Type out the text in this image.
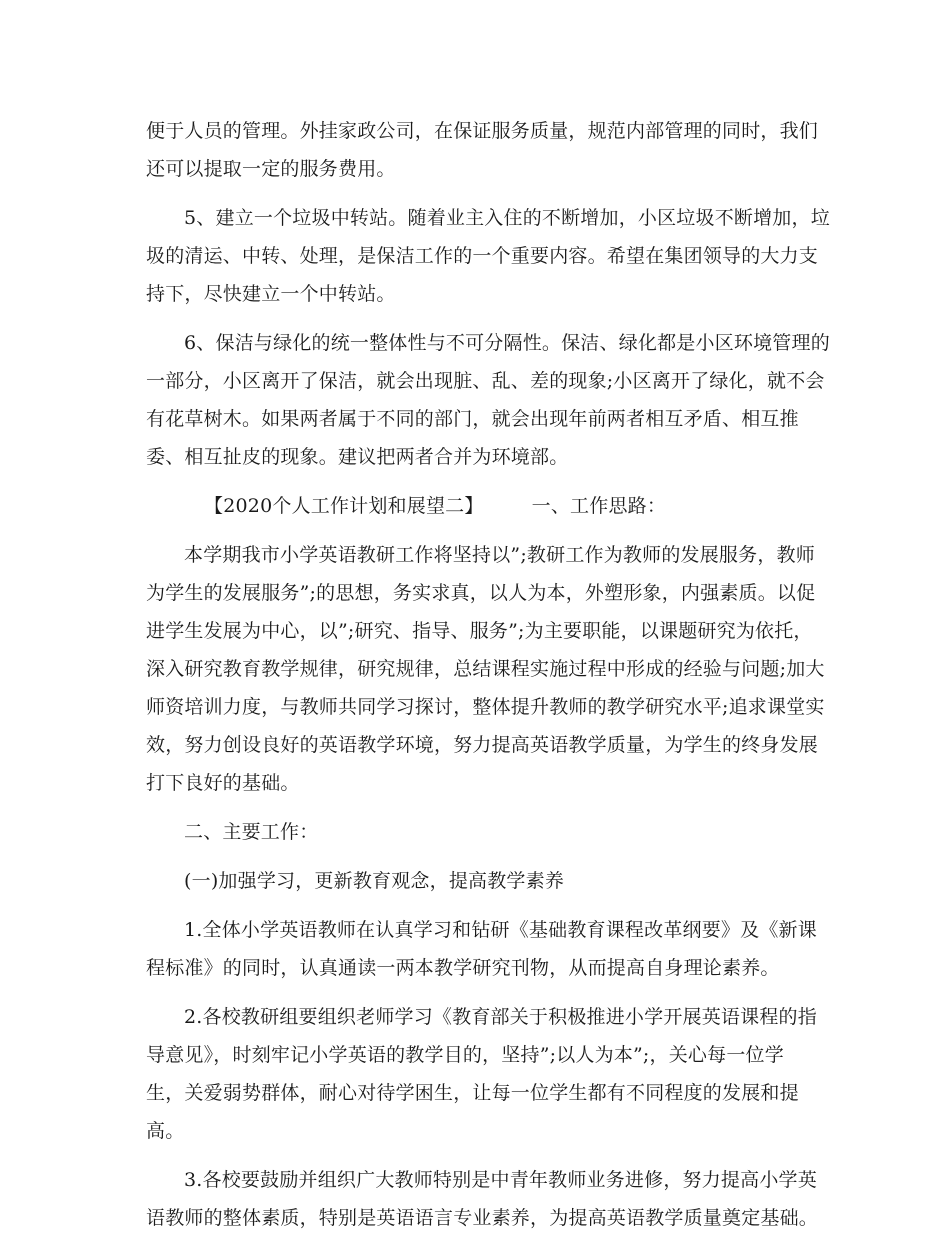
便于人员的管理。外挂家政公司，在保证服务质量，规范内部管理的同时，我们
还可以提取一定的服务费用。
5、建立一个垃圾中转站。随着业主入住的不断增加，小区垃圾不断增加，垃
圾的清运、中转、处理，是保洁工作的一个重要内容。希望在集团领导的大力支
持下，尽快建立一个中转站。
6、保洁与绿化的统一整体性与不可分隔性。保洁、绿化都是小区环境管理的
一部分，小区离开了保洁，就会出现脏、乱、差的现象;小区离开了绿化，就不会
有花草树木。如果两者属于不同的部门，就会出现年前两者相互矛盾、相互推
委、相互扯皮的现象。建议把两者合并为环境部。
【2020个人工作计划和展望二】　　　一、工作思路：
本学期我市小学英语教研工作将坚持以”;教研工作为教师的发展服务，教师
为学生的发展服务”;的思想，务实求真，以人为本，外塑形象，内强素质。以促
进学生发展为中心，以”;研究、指导、服务”;为主要职能，以课题研究为依托，
深入研究教育教学规律，研究规律，总结课程实施过程中形成的经验与问题;加大
师资培训力度，与教师共同学习探讨，整体提升教师的教学研究水平;追求课堂实
效，努力创设良好的英语教学环境，努力提高英语教学质量，为学生的终身发展
打下良好的基础。
二、主要工作：
(一)加强学习，更新教育观念，提高教学素养
1.全体小学英语教师在认真学习和钻研《基础教育课程改革纲要》及《新课
程标准》的同时，认真通读一两本教学研究刊物，从而提高自身理论素养。
2.各校教研组要组织老师学习《教育部关于积极推进小学开展英语课程的指
导意见》，时刻牢记小学英语的教学目的，坚持”;以人为本”;，关心每一位学
生，关爱弱势群体，耐心对待学困生，让每一位学生都有不同程度的发展和提
高。
3.各校要鼓励并组织广大教师特别是中青年教师业务进修，努力提高小学英
语教师的整体素质，特别是英语语言专业素养，为提高英语教学质量奠定基础。
